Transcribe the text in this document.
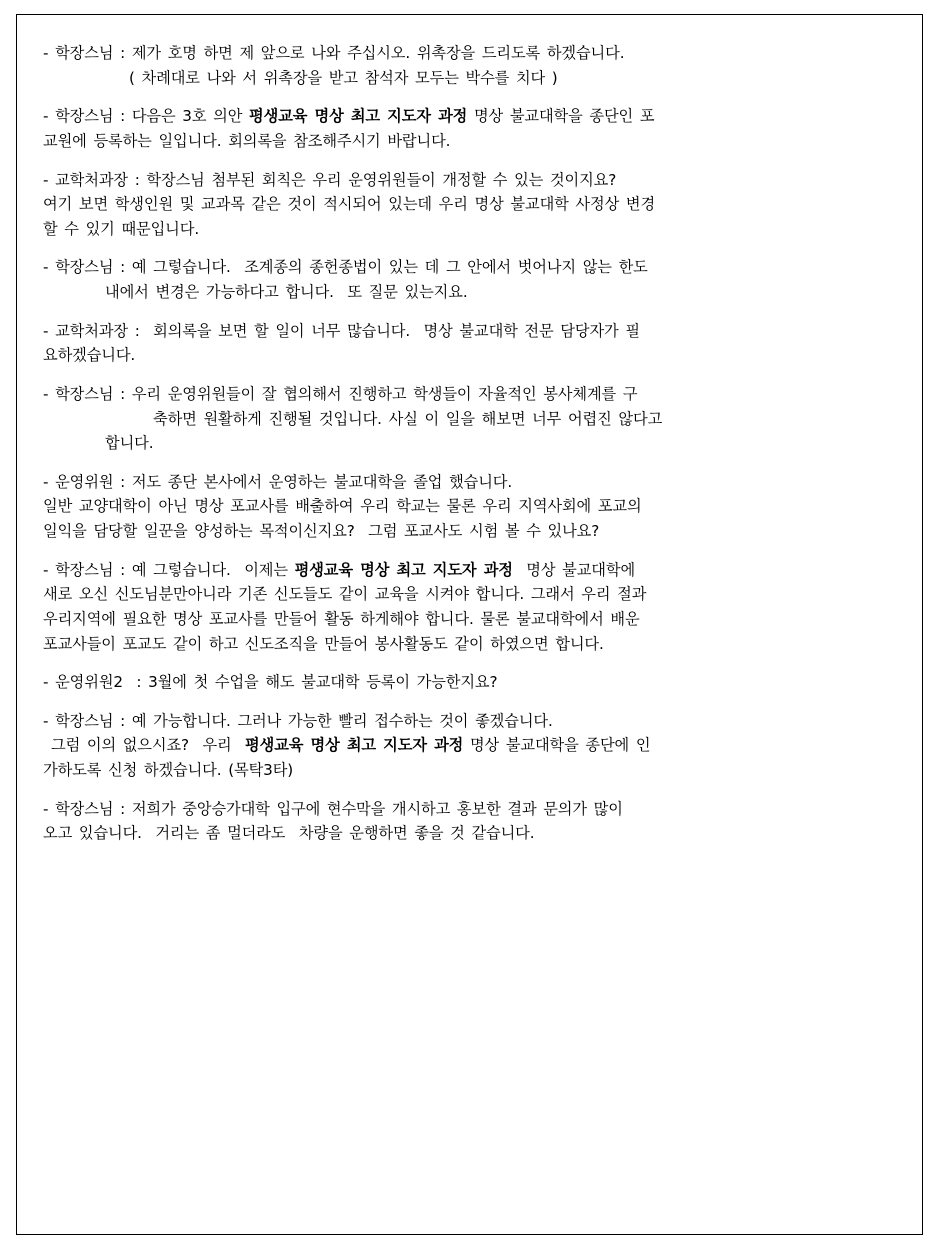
- 학장스님 : 제가 호명 하면 제 앞으로 나와 주십시오. 위촉장을 드리도록 하겠습니다.
( 차례대로 나와 서 위촉장을 받고 참석자 모두는 박수를 치다 )

- 학장스님 : 다음은 3호 의안 평생교육 명상 최고 지도자 과정 명상 불교대학을 종단인 포
교원에 등록하는 일입니다. 회의록을 참조해주시기 바랍니다.

- 교학처과장 : 학장스님 첨부된 회칙은 우리 운영위원들이 개정할 수 있는 것이지요?
여기 보면 학생인원 및 교과목 같은 것이 적시되어 있는데 우리 명상 불교대학 사정상 변경
할 수 있기 때문입니다.

- 학장스님 : 예 그렇습니다.  조계종의 종헌종법이 있는 데 그 안에서 벗어나지 않는 한도
내에서 변경은 가능하다고 합니다.  또 질문 있는지요.

- 교학처과장 :  회의록을 보면 할 일이 너무 많습니다.  명상 불교대학 전문 담당자가 필
요하겠습니다.

- 학장스님 : 우리 운영위원들이 잘 협의해서 진행하고 학생들이 자율적인 봉사체계를 구
축하면 원활하게 진행될 것입니다. 사실 이 일을 해보면 너무 어렵진 않다고
합니다.

- 운영위원 : 저도 종단 본사에서 운영하는 불교대학을 졸업 했습니다.
일반 교양대학이 아닌 명상 포교사를 배출하여 우리 학교는 물론 우리 지역사회에 포교의
일익을 담당할 일꾼을 양성하는 목적이신지요?  그럼 포교사도 시험 볼 수 있나요?

- 학장스님 : 예 그렇습니다.  이제는 평생교육 명상 최고 지도자 과정  명상 불교대학에
새로 오신 신도님분만아니라 기존 신도들도 같이 교육을 시켜야 합니다. 그래서 우리 절과
우리지역에 필요한 명상 포교사를 만들어 활동 하게해야 합니다. 물론 불교대학에서 배운
포교사들이 포교도 같이 하고 신도조직을 만들어 봉사활동도 같이 하였으면 합니다.

- 운영위원2  : 3월에 첫 수업을 해도 불교대학 등록이 가능한지요?

- 학장스님 : 예 가능합니다. 그러나 가능한 빨리 접수하는 것이 좋겠습니다.
그럼 이의 없으시죠?  우리  평생교육 명상 최고 지도자 과정 명상 불교대학을 종단에 인
가하도록 신청 하겠습니다. (목탁3타)

- 학장스님 : 저희가 중앙승가대학 입구에 현수막을 개시하고 홍보한 결과 문의가 많이
오고 있습니다.  거리는 좀 멀더라도  차량을 운행하면 좋을 것 같습니다.
